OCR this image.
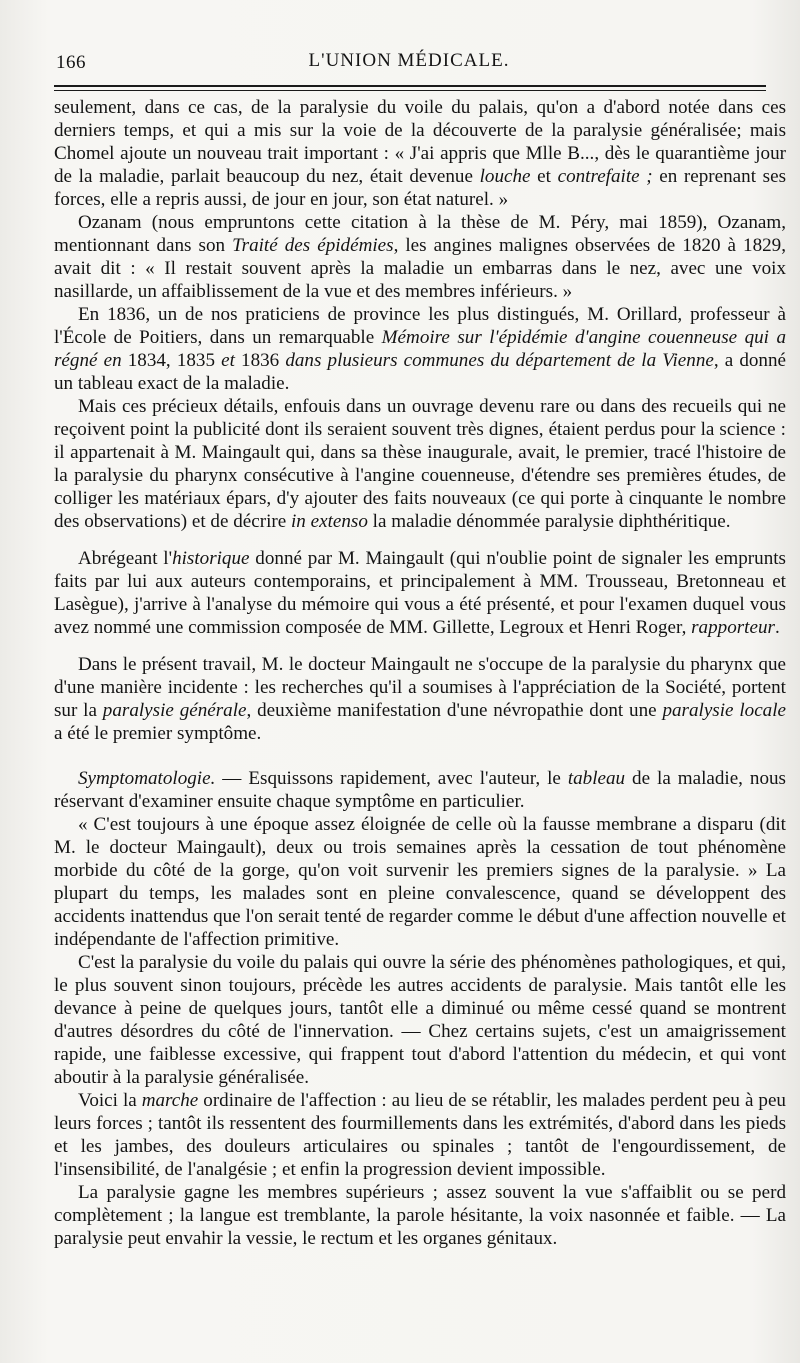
166	L'UNION MÉDICALE.

seulement, dans ce cas, de la paralysie du voile du palais, qu'on a d'abord notée dans ces derniers temps, et qui a mis sur la voie de la découverte de la paralysie généralisée; mais Chomel ajoute un nouveau trait important : « J'ai appris que Mlle B..., dès le quarantième jour de la maladie, parlait beaucoup du nez, était devenue louche et contrefaite ; en reprenant ses forces, elle a repris aussi, de jour en jour, son état naturel. »

Ozanam (nous empruntons cette citation à la thèse de M. Péry, mai 1859), Ozanam, mentionnant dans son Traité des épidémies, les angines malignes observées de 1820 à 1829, avait dit : « Il restait souvent après la maladie un embarras dans le nez, avec une voix nasillarde, un affaiblissement de la vue et des membres inférieurs. »

En 1836, un de nos praticiens de province les plus distingués, M. Orillard, professeur à l'École de Poitiers, dans un remarquable Mémoire sur l'épidémie d'angine couenneuse qui a régné en 1834, 1835 et 1836 dans plusieurs communes du département de la Vienne, a donné un tableau exact de la maladie.

Mais ces précieux détails, enfouis dans un ouvrage devenu rare ou dans des recueils qui ne reçoivent point la publicité dont ils seraient souvent très dignes, étaient perdus pour la science : il appartenait à M. Maingault qui, dans sa thèse inaugurale, avait, le premier, tracé l'histoire de la paralysie du pharynx consécutive à l'angine couenneuse, d'étendre ses premières études, de colliger les matériaux épars, d'y ajouter des faits nouveaux (ce qui porte à cinquante le nombre des observations) et de décrire in extenso la maladie dénommée paralysie diphthéritique.

Abrégeant l'historique donné par M. Maingault (qui n'oublie point de signaler les emprunts faits par lui aux auteurs contemporains, et principalement à MM. Trousseau, Bretonneau et Lasègue), j'arrive à l'analyse du mémoire qui vous a été présenté, et pour l'examen duquel vous avez nommé une commission composée de MM. Gillette, Legroux et Henri Roger, rapporteur.

Dans le présent travail, M. le docteur Maingault ne s'occupe de la paralysie du pharynx que d'une manière incidente : les recherches qu'il a soumises à l'appréciation de la Société, portent sur la paralysie générale, deuxième manifestation d'une névropathie dont une paralysie locale a été le premier symptôme.

Symptomatologie. — Esquissons rapidement, avec l'auteur, le tableau de la maladie, nous réservant d'examiner ensuite chaque symptôme en particulier.

« C'est toujours à une époque assez éloignée de celle où la fausse membrane a disparu (dit M. le docteur Maingault), deux ou trois semaines après la cessation de tout phénomène morbide du côté de la gorge, qu'on voit survenir les premiers signes de la paralysie. » La plupart du temps, les malades sont en pleine convalescence, quand se développent des accidents inattendus que l'on serait tenté de regarder comme le début d'une affection nouvelle et indépendante de l'affection primitive.

C'est la paralysie du voile du palais qui ouvre la série des phénomènes pathologiques, et qui, le plus souvent sinon toujours, précède les autres accidents de paralysie. Mais tantôt elle les devance à peine de quelques jours, tantôt elle a diminué ou même cessé quand se montrent d'autres désordres du côté de l'innervation. — Chez certains sujets, c'est un amaigrissement rapide, une faiblesse excessive, qui frappent tout d'abord l'attention du médecin, et qui vont aboutir à la paralysie généralisée.

Voici la marche ordinaire de l'affection : au lieu de se rétablir, les malades perdent peu à peu leurs forces ; tantôt ils ressentent des fourmillements dans les extrémités, d'abord dans les pieds et les jambes, des douleurs articulaires ou spinales ; tantôt de l'engourdissement, de l'insensibilité, de l'analgésie ; et enfin la progression devient impossible.

La paralysie gagne les membres supérieurs ; assez souvent la vue s'affaiblit ou se perd complètement ; la langue est tremblante, la parole hésitante, la voix nasonnée et faible. — La paralysie peut envahir la vessie, le rectum et les organes génitaux.
